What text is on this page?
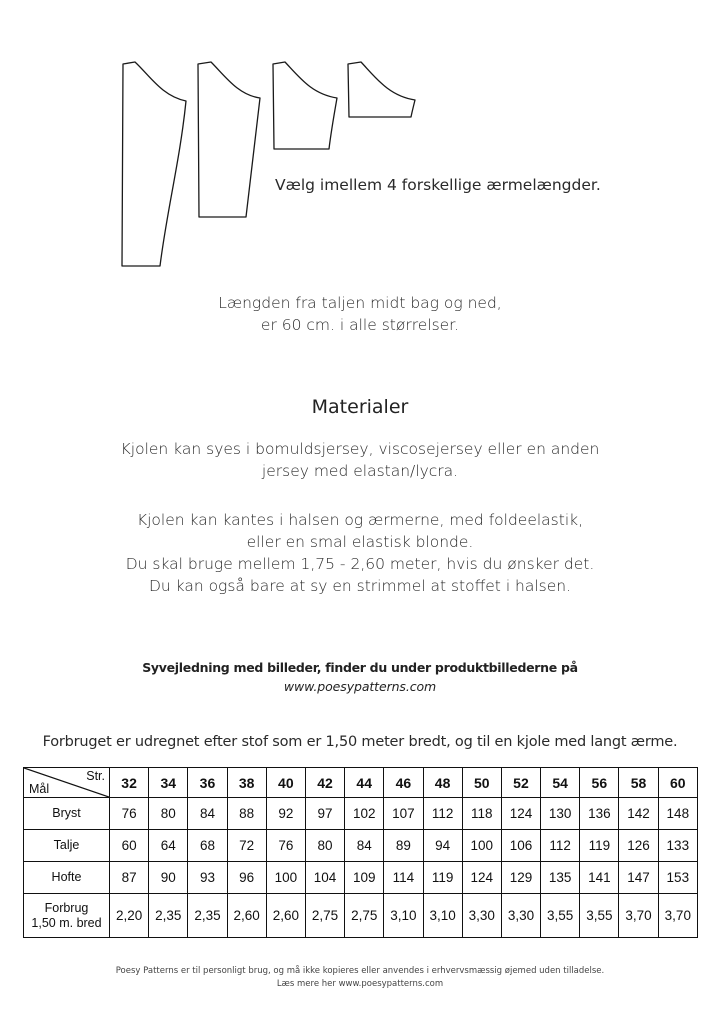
Vælg imellem 4 forskellige ærmelængder.
Længden fra taljen midt bag og ned,
er 60 cm. i alle størrelser.
Materialer
Kjolen kan syes i bomuldsjersey, viscosejersey eller en anden
jersey med elastan/lycra.
Kjolen kan kantes i halsen og ærmerne, med foldeelastik,
eller en smal elastisk blonde.
Du skal bruge mellem 1,75 - 2,60 meter, hvis du ønsker det.
Du kan også bare at sy en strimmel at stoffet i halsen.
Syvejledning med billeder, finder du under produktbillederne på
www.poesypatterns.com
Forbruget er udregnet efter stof som er 1,50 meter bredt, og til en kjole med langt ærme.
Str.
Mål	32	34	36	38	40	42	44	46	48	50	52	54	56	58	60
Bryst	76	80	84	88	92	97	102	107	112	118	124	130	136	142	148
Talje	60	64	68	72	76	80	84	89	94	100	106	112	119	126	133
Hofte	87	90	93	96	100	104	109	114	119	124	129	135	141	147	153

Forbrug
1,50 m. bred	2,20	2,35	2,35	2,60	2,60	2,75	2,75	3,10	3,10	3,30	3,30	3,55	3,55	3,70	3,70
Poesy Patterns er til personligt brug, og må ikke kopieres eller anvendes i erhvervsmæssig øjemed uden tilladelse.
Læs mere her www.poesypatterns.com
